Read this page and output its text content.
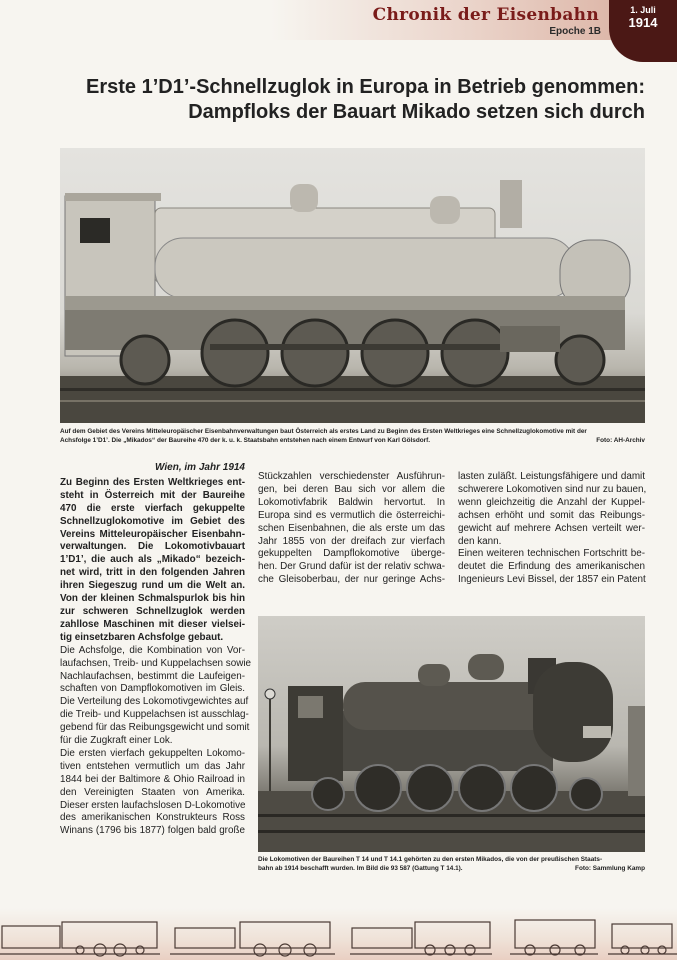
Chronik der Eisenbahn
Epoche 1B
1. Juli
1914
Erste 1’D1’-Schnellzuglok in Europa in Betrieb genommen:
Dampfloks der Bauart Mikado setzen sich durch
Auf dem Gebiet des Vereins Mitteleuropäischer Eisenbahnverwaltungen baut Österreich als erstes Land zu Beginn des Ersten Weltkrieges eine Schnellzuglokomotive mit der
Achsfolge 1’D1’. Die „Mikados“ der Baureihe 470 der k. u. k. Staatsbahn entstehen nach einem Entwurf von Karl Gölsdorf.	Foto: AH-Archiv
Wien, im Jahr 1914

Zu Beginn des Ersten Weltkrieges ent-
steht in Österreich mit der Baureihe
470 die erste vierfach gekuppelte
Schnellzuglokomotive im Gebiet des
Vereins Mitteleuropäischer Eisenbahn-
verwaltungen. Die Lokomotivbauart
1’D1’, die auch als „Mikado“ bezeich-
net wird, tritt in den folgenden Jahren
ihren Siegeszug rund um die Welt an.
Von der kleinen Schmalspurlok bis hin
zur schweren Schnellzuglok werden
zahllose Maschinen mit dieser vielsei-
tig einsetzbaren Achsfolge gebaut.

Die Achsfolge, die Kombination von Vor-
laufachsen, Treib- und Kuppelachsen sowie
Nachlaufachsen, bestimmt die Laufeigen-
schaften von Dampflokomotiven im Gleis.
Die Verteilung des Lokomotivgewichtes auf
die Treib- und Kuppelachsen ist ausschlag-
gebend für das Reibungsgewicht und somit
für die Zugkraft einer Lok.

Die ersten vierfach gekuppelten Lokomo-
tiven entstehen vermutlich um das Jahr
1844 bei der Baltimore & Ohio Railroad in
den Vereinigten Staaten von Amerika.
Dieser ersten laufachslosen D-Lokomotive
des amerikanischen Konstrukteurs Ross
Winans (1796 bis 1877) folgen bald große

Stückzahlen verschiedenster Ausführun-
gen, bei deren Bau sich vor allem die
Lokomotivfabrik Baldwin hervortut. In
Europa sind es vermutlich die österreichi-
schen Eisenbahnen, die als erste um das
Jahr 1855 von der dreifach zur vierfach
gekuppelten Dampflokomotive überge-
hen. Der Grund dafür ist der relativ schwa-
che Gleisoberbau, der nur geringe Achs-

lasten zuläßt. Leistungsfähigere und damit
schwerere Lokomotiven sind nur zu bauen,
wenn gleichzeitig die Anzahl der Kuppel-
achsen erhöht und somit das Reibungs-
gewicht auf mehrere Achsen verteilt wer-
den kann.

Einen weiteren technischen Fortschritt be-
deutet die Erfindung des amerikanischen
Ingenieurs Levi Bissel, der 1857 ein Patent

Die Lokomotiven der Baureihen T 14 und T 14.1 gehörten zu den ersten Mikados, die von der preußischen Staats-
bahn ab 1914 beschafft wurden. Im Bild die 93 587 (Gattung T 14.1).	Foto: Sammlung Kamp
